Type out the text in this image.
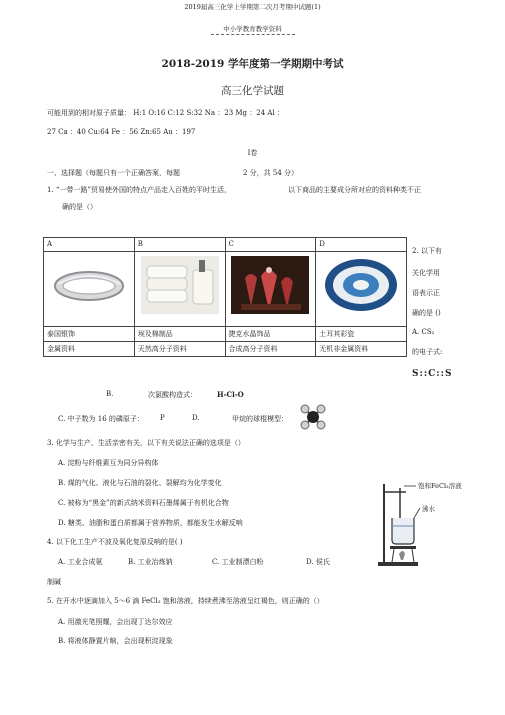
2019届高三化学上学期第二次月考期中试题(1)
中小学教育教学资料
2018-2019 学年度第一学期期中考试
高三化学试题
可能用到的相对原子质量： H:1 O:16 C:12 S:32 Na ：23 Mg ：24 Al ：
27 Ca ：40 Cu:64 Fe ：56 Zn:65 Au ：197
Ⅰ卷
一、选择题（每题只有一个正确答案，每题	2 分，共 54 分）
1. “一带一路”贸易使外国的特点产品走入百姓的平时生活，	以下商品的主要成分所对应的资料种类不正
确的是（）
A	B	C	D

泰国银饰	埃及棉制品	捷克水晶饰品	土耳其彩瓷
金属资料	天然高分子资料	合成高分子资料	无机非金属资料
2. 以下有
关化学用
语表示正
确的是 ()
A. CS₂
的电子式:
S::C::S
B.	次氯酸构造式：	H-Cl-O
C. 中子数为 16 的磷原子： P	D.	甲烷的球棍模型：
3. 化学与生产、生活亲密有关，以下有关说法正确的选项是（）
A. 淀粉与纤维素互为同分异构体
B. 煤的气化、液化与石油的裂化、裂解均为化学变化
C. 被称为“黑金”的新式纳米资料石墨烯属于有机化合物
D. 糖类、油脂和蛋白质都属于营养物质，都能发生水解反响
4. 以下化工生产不波及氧化复原反响的是( )
A. 工业合成氨	B. 工业冶炼钠	C. 工业制漂白粉	D. 侯氏
制碱
5. 在开水中逐滴加入 5～6 滴 FeCl₃ 饱和溶液，持续煮沸至溶液呈红褐色，则正确的（）
A. 用激光笔照耀，会出现丁达尔效应
B. 将液体静置片晌，会出现积淀现象
饱和FeCl₃溶液
沸水
